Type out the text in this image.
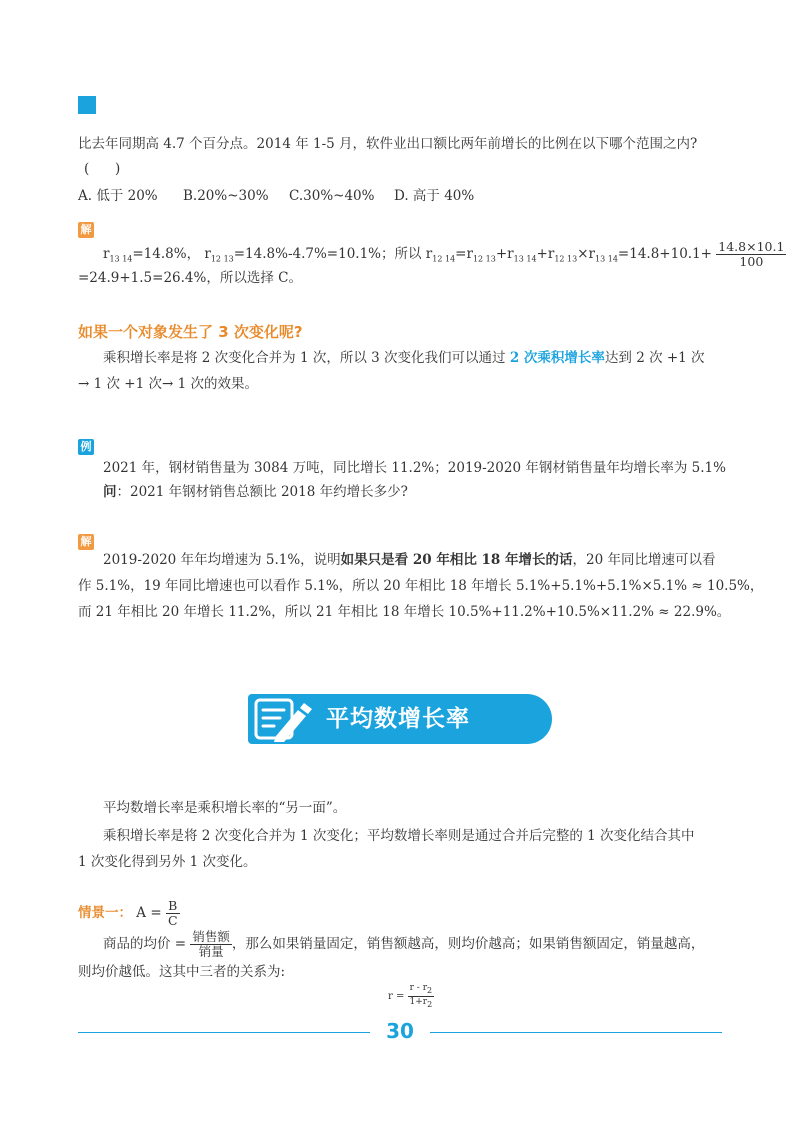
比去年同期高 4.7 个百分点。2014 年 1-5 月，软件业出口额比两年前增长的比例在以下哪个范围之内?
(      )
A. 低于 20% B.20%~30% C.30%~40% D. 高于 40%
解
$r_{13 14}=14.8\%$， $r_{12 13}=14.8\%-4.7\%=10.1\%$；所以 $r_{12 14}=r_{12 13}+r_{13 14}+r_{12 13}\times r_{13 14}=14.8+10.1+ \frac{14.8\times 10.1}{100}$
=24.9+1.5=26.4%，所以选择 C。
如果一个对象发生了 3 次变化呢?
乘积增长率是将 2 次变化合并为 1 次，所以 3 次变化我们可以通过 2 次乘积增长率达到 2 次 +1 次
→ 1 次 +1 次→ 1 次的效果。
例
2021 年，钢材销售量为 3084 万吨，同比增长 11.2%；2019-2020 年钢材销售量年均增长率为 5.1%
问：2021 年钢材销售总额比 2018 年约增长多少?
解
2019-2020 年年均增速为 5.1%，说明如果只是看 20 年相比 18 年增长的话，20 年同比增速可以看
作 5.1%，19 年同比增速也可以看作 5.1%，所以 20 年相比 18 年增长 5.1%+5.1%+5.1%×5.1% ≈ 10.5%，
而 21 年相比 20 年增长 11.2%，所以 21 年相比 18 年增长 10.5%+11.2%+10.5%×11.2% ≈ 22.9%。
平均数增长率
平均数增长率是乘积增长率的“另一面”。
乘积增长率是将 2 次变化合并为 1 次变化；平均数增长率则是通过合并后完整的 1 次变化结合其中
1 次变化得到另外 1 次变化。
情景一： $A = \frac{B}{C}$
商品的均价 = $\frac{\text{销售额}}{\text{销量}}$ ，那么如果销量固定，销售额越高，则均价越高；如果销售额固定，销量越高，
则均价越低。这其中三者的关系为:
$r = \frac{r - r_2}{1+r_2}$
30
